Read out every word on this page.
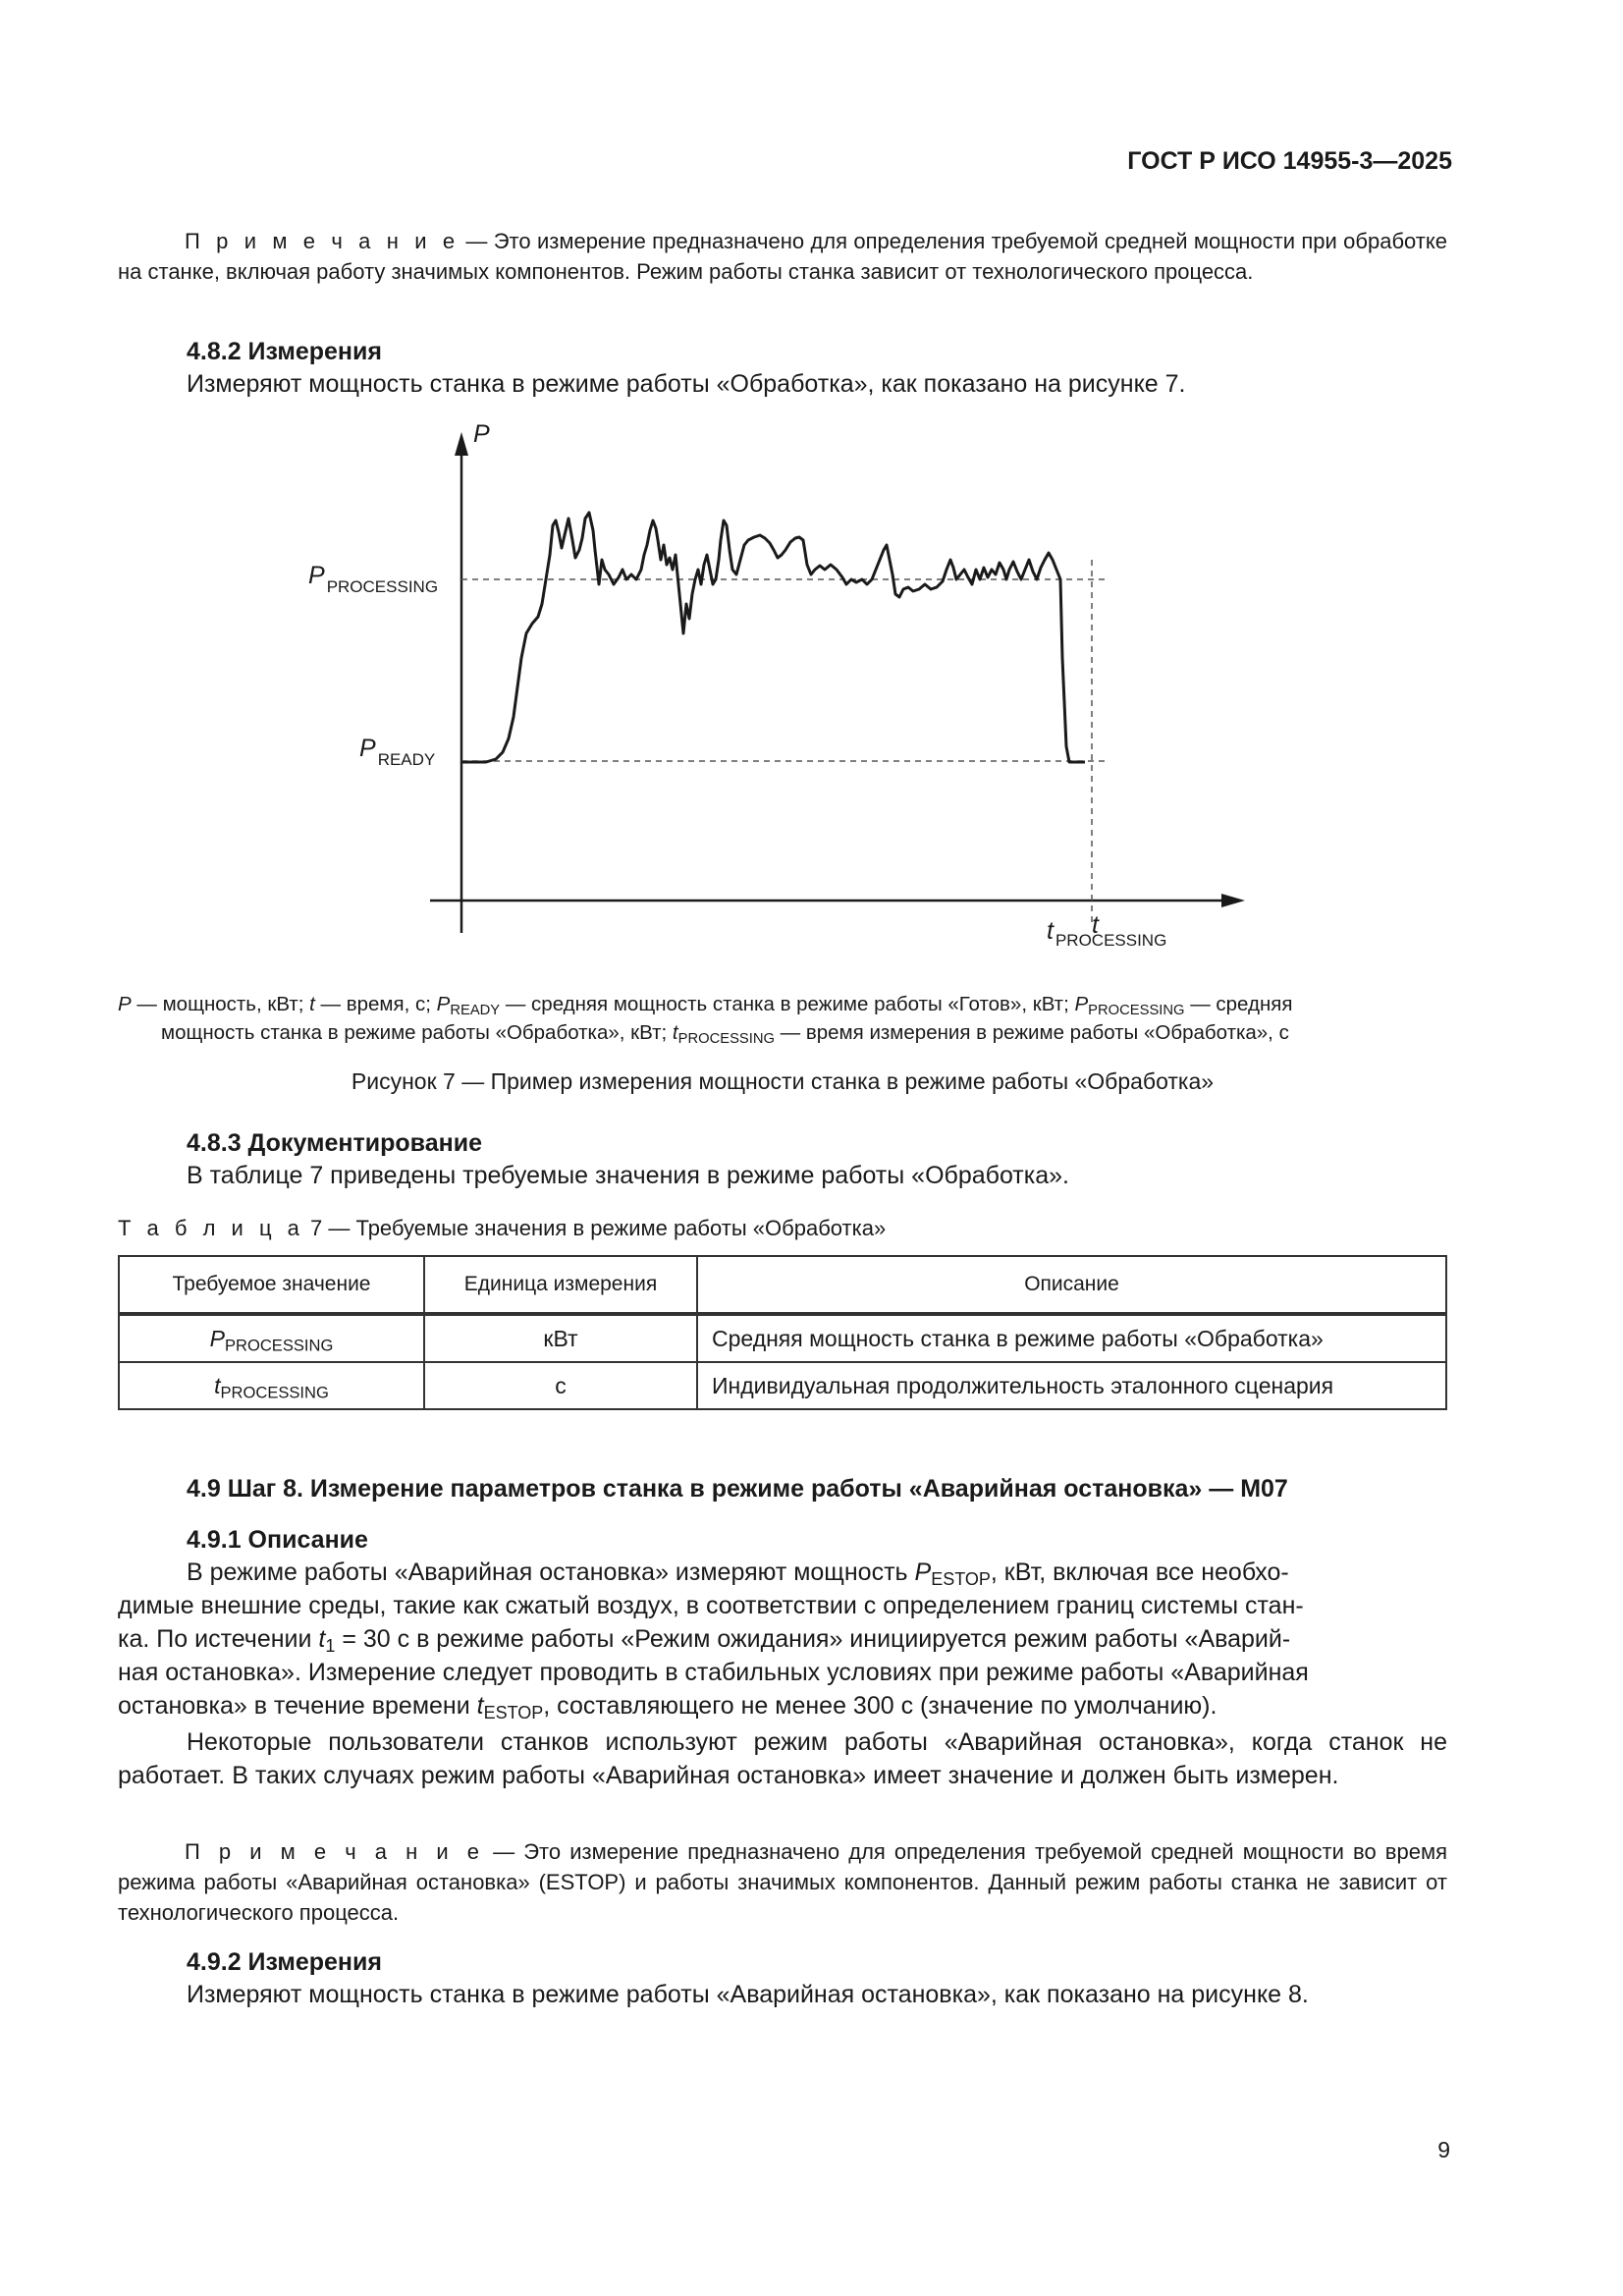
ГОСТ Р ИСО 14955-3—2025
П р и м е ч а н и е — Это измерение предназначено для определения требуемой средней мощности при обработке на станке, включая работу значимых компонентов. Режим работы станка зависит от технологического процесса.
4.8.2 Измерения
Измеряют мощность станка в режиме работы «Обработка», как показано на рисунке 7.
P
t
P $_{PROCESSING}$
P $_{READY}$
t $_{PROCESSING}$
P — мощность, кВт; t — время, с; $P_{READY}$ — средняя мощность станка в режиме работы «Готов», кВт; $P_{PROCESSING}$ — средняя
мощность станка в режиме работы «Обработка», кВт; $t_{PROCESSING}$ — время измерения в режиме работы «Обработка», с
Рисунок 7 — Пример измерения мощности станка в режиме работы «Обработка»
4.8.3 Документирование
В таблице 7 приведены требуемые значения в режиме работы «Обработка».
Т а б л и ц а 7 — Требуемые значения в режиме работы «Обработка»
Требуемое значение	Единица измерения	Описание
$P_{PROCESSING}$	кВт	Средняя мощность станка в режиме работы «Обработка»
$t_{PROCESSING}$	с	Индивидуальная продолжительность эталонного сценария
4.9 Шаг 8. Измерение параметров станка в режиме работы «Аварийная остановка» — М07
4.9.1 Описание
В режиме работы «Аварийная остановка» измеряют мощность $P_{ESTOP}$, кВт, включая все необхо-
димые внешние среды, такие как сжатый воздух, в соответствии с определением границ системы стан-
ка. По истечении $t_1 = 30$ с в режиме работы «Режим ожидания» инициируется режим работы «Аварий-
ная остановка». Измерение следует проводить в стабильных условиях при режиме работы «Аварийная
остановка» в течение времени $t_{ESTOP}$, составляющего не менее 300 с (значение по умолчанию).
Некоторые пользователи станков используют режим работы «Аварийная остановка», когда станок не работает. В таких случаях режим работы «Аварийная остановка» имеет значение и должен быть измерен.
П р и м е ч а н и е — Это измерение предназначено для определения требуемой средней мощности во время режима работы «Аварийная остановка» (ESTOP) и работы значимых компонентов. Данный режим работы станка не зависит от технологического процесса.
4.9.2 Измерения
Измеряют мощность станка в режиме работы «Аварийная остановка», как показано на рисунке 8.
9
